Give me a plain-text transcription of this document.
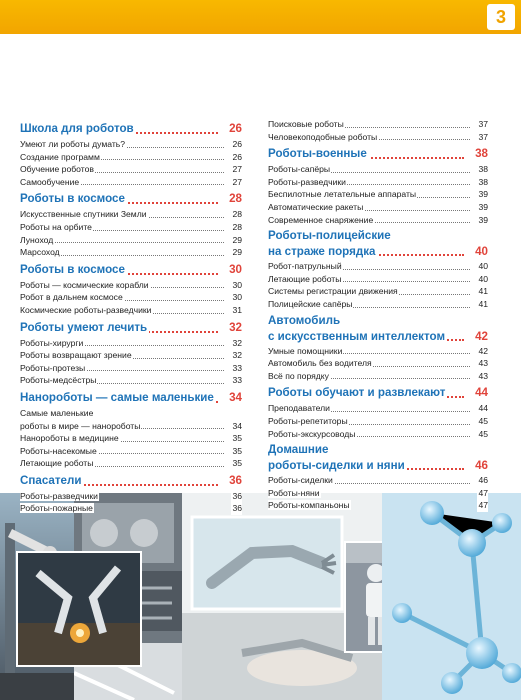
3
Школа для роботов	26
Умеют ли роботы думать?	26
Создание программ	26
Обучение роботов	27
Самообучение	27
Роботы в космосе	28
Искусственные спутники Земли	28
Роботы на орбите	28
Луноход	29
Марсоход	29
Роботы в космосе	30
Роботы — космические корабли	30
Робот в дальнем космосе	30
Космические роботы-разведчики	31
Роботы умеют лечить	32
Роботы-хирурги	32
Роботы возвращают зрение	32
Роботы-протезы	33
Роботы-медсёстры	33
Нанороботы — самые маленькие 34
Самые маленькие
роботы в мире — нанороботы	34
Нанороботы в медицине	35
Роботы-насекомые	35
Летающие роботы	35
Спасатели	36
Роботы-разведчики	36
Роботы-пожарные	36
Поисковые роботы	37
Человекоподобные роботы	37
Роботы-военные	38
Роботы-сапёры	38
Роботы-разведчики	38
Беспилотные летательные аппараты	39
Автоматические ракеты	39
Современное снаряжение	39
Роботы-полицейские
на страже порядка	40
Робот-патрульный	40
Летающие роботы	40
Системы регистрации движения	41
Полицейские сапёры	41
Автомобиль
с искусственным интеллектом	42
Умные помощники	42
Автомобиль без водителя	43
Всё по порядку	43
Роботы обучают и развлекают	44
Преподаватели	44
Роботы-репетиторы	45
Роботы-экскурсоводы	45
Домашние
роботы-сиделки и няни	46
Роботы-сиделки	46
Роботы-няни	47
Роботы-компаньоны	47
